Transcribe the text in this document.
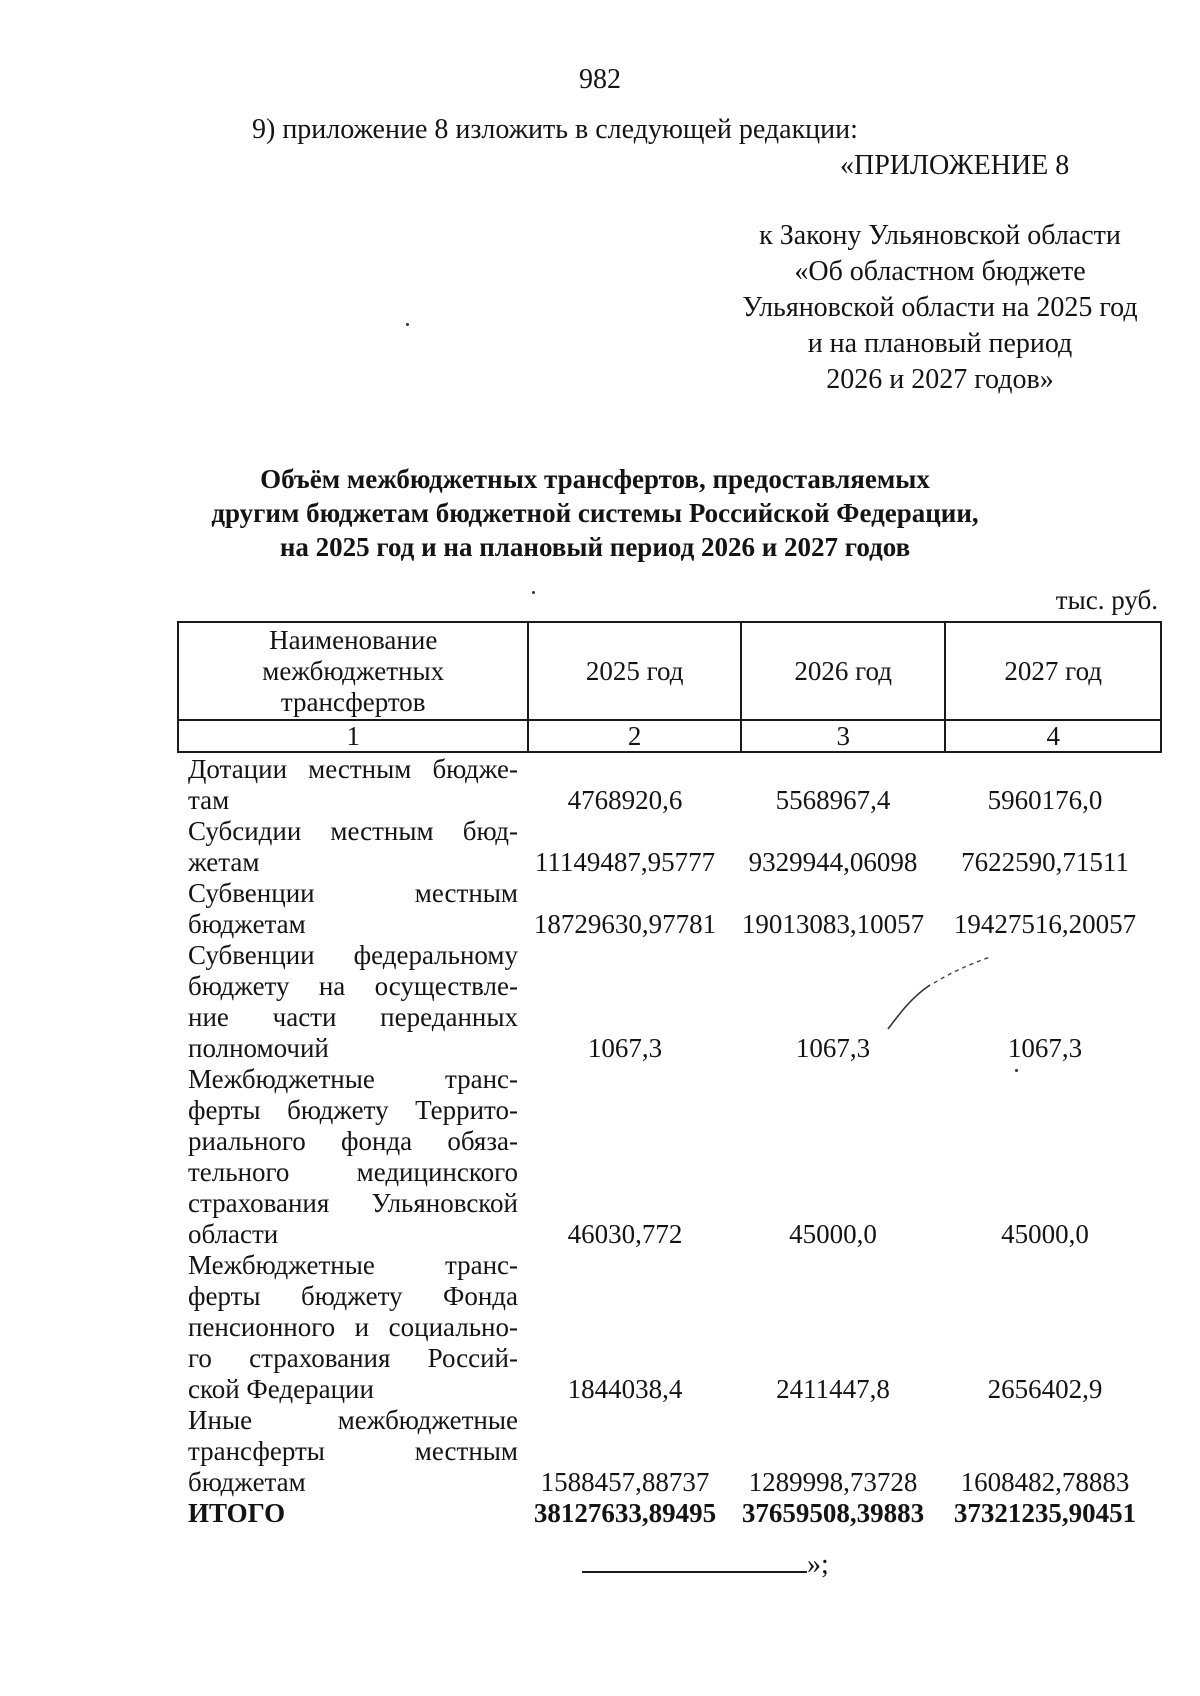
982
9) приложение 8 изложить в следующей редакции:
«ПРИЛОЖЕНИЕ 8
к Закону Ульяновской области
«Об областном бюджете
Ульяновской области на 2025 год
и на плановый период
2026 и 2027 годов»
Объём межбюджетных трансфертов, предоставляемых
другим бюджетам бюджетной системы Российской Федерации,
на 2025 год и на плановый период 2026 и 2027 годов
тыс. руб.
Наименование
межбюджетных
трансфертов	2025 год	2026 год	2027 год
1	2	3	4
Дотации местным бюдже-
там	4768920,6	5568967,4	5960176,0
Субсидии местным бюд-
жетам	11149487,95777	9329944,06098	7622590,71511
Субвенции местным
бюджетам	18729630,97781 19013083,10057	19427516,20057
Субвенции федеральному
бюджету на осуществле-
ние части переданных
полномочий	1067,3	1067,3	1067,3
Межбюджетные транс-
ферты бюджету Террито-
риального фонда обяза-
тельного медицинского
страхования Ульяновской
области	46030,772	45000,0	45000,0
Межбюджетные транс-
ферты бюджету Фонда
пенсионного и социально-
го страхования Россий-
ской Федерации	1844038,4	2411447,8	2656402,9
Иные межбюджетные
трансферты местным
бюджетам	1588457,88737	1289998,73728	1608482,78883
ИТОГО	38127633,89495 37659508,39883	37321235,90451
»;
